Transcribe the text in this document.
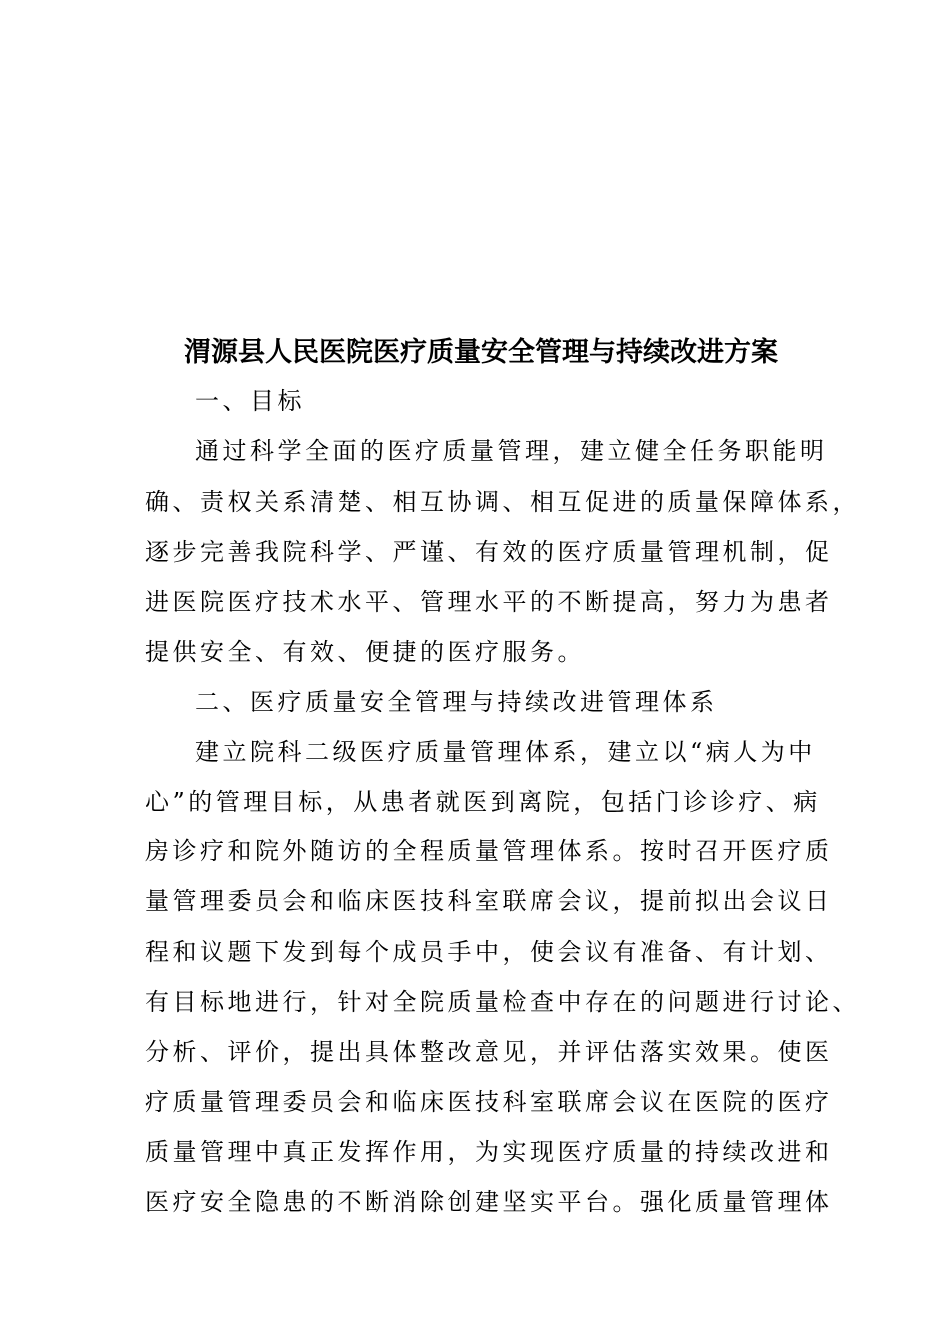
渭源县人民医院医疗质量安全管理与持续改进方案
一、目标
通过科学全面的医疗质量管理，建立健全任务职能明
确、责权关系清楚、相互协调、相互促进的质量保障体系，
逐步完善我院科学、严谨、有效的医疗质量管理机制，促
进医院医疗技术水平、管理水平的不断提高，努力为患者
提供安全、有效、便捷的医疗服务。
二、医疗质量安全管理与持续改进管理体系
建立院科二级医疗质量管理体系，建立以“病人为中
心”的管理目标，从患者就医到离院，包括门诊诊疗、病
房诊疗和院外随访的全程质量管理体系。按时召开医疗质
量管理委员会和临床医技科室联席会议，提前拟出会议日
程和议题下发到每个成员手中，使会议有准备、有计划、
有目标地进行，针对全院质量检查中存在的问题进行讨论、
分析、评价，提出具体整改意见，并评估落实效果。使医
疗质量管理委员会和临床医技科室联席会议在医院的医疗
质量管理中真正发挥作用，为实现医疗质量的持续改进和
医疗安全隐患的不断消除创建坚实平台。强化质量管理体
